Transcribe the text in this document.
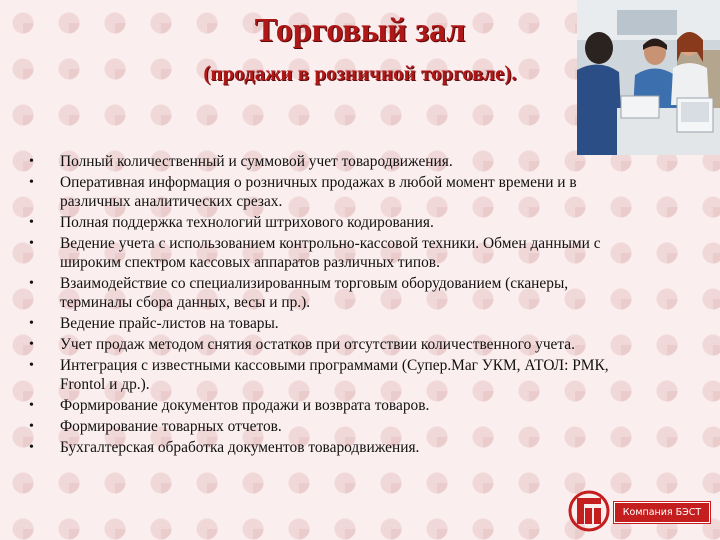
Торговый зал
(продажи в розничной торговле).
• Полный количественный и суммовой учет товародвижения.
• Оперативная информация о розничных продажах в любой момент времени и в различных аналитических срезах.
• Полная поддержка технологий штрихового кодирования.
• Ведение учета с использованием контрольно-кассовой техники. Обмен данными с широким спектром кассовых аппаратов различных типов.
• Взаимодействие со специализированным торговым оборудованием (сканеры, терминалы сбора данных, весы и пр.).
• Ведение прайс-листов на товары.
• Учет продаж методом снятия остатков при отсутствии количественного учета.
• Интеграция с известными кассовыми программами (Супер.Маг УКМ, АТОЛ: РМК, Frontol и др.).
• Формирование документов продажи и возврата товаров.
• Формирование товарных отчетов.
• Бухгалтерская обработка документов товародвижения.
Компания БЭСТ
